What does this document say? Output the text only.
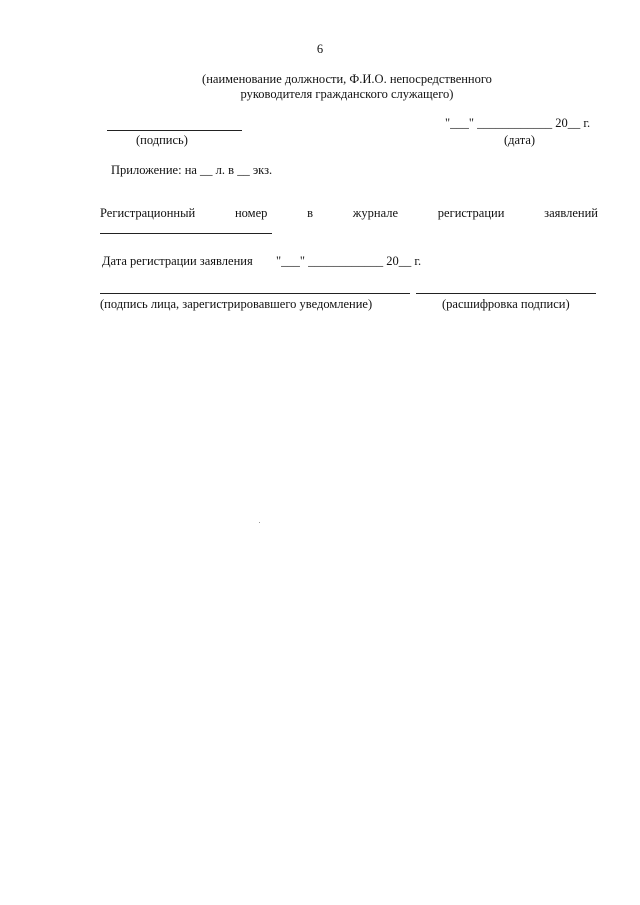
6
(наименование должности, Ф.И.О. непосредственного
руководителя гражданского служащего)
(подпись)
"___" ____________ 20__ г.
(дата)
Приложение: на __ л. в __ экз.
Регистрационный	номер	в	журнале	регистрации	заявлений
Дата регистрации заявления "___" ____________ 20__ г.
(подпись лица, зарегистрировавшего уведомление)	(расшифровка подписи)
